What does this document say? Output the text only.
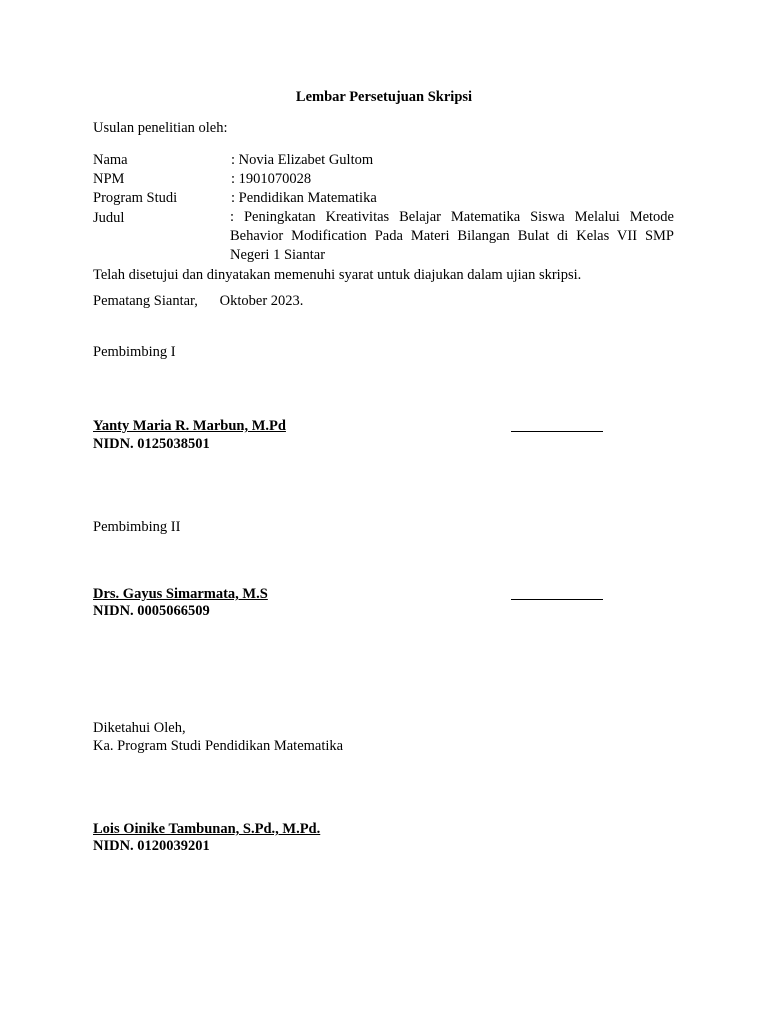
Lembar Persetujuan Skripsi
Usulan penelitian oleh:
Nama	: Novia Elizabet Gultom
NPM	: 1901070028
Program Studi	: Pendidikan Matematika
Judul	: Peningkatan Kreativitas Belajar Matematika Siswa Melalui Metode Behavior Modification Pada Materi Bilangan Bulat di Kelas VII SMP Negeri 1 Siantar
Telah disetujui dan dinyatakan memenuhi syarat untuk diajukan dalam ujian skripsi.
Pematang Siantar,      Oktober 2023.
Pembimbing I
Yanty Maria R. Marbun, M.Pd
NIDN. 0125038501
Pembimbing II
Drs. Gayus Simarmata, M.S
NIDN. 0005066509
Diketahui Oleh,
Ka. Program Studi Pendidikan Matematika
Lois Oinike Tambunan, S.Pd., M.Pd.
NIDN. 0120039201
